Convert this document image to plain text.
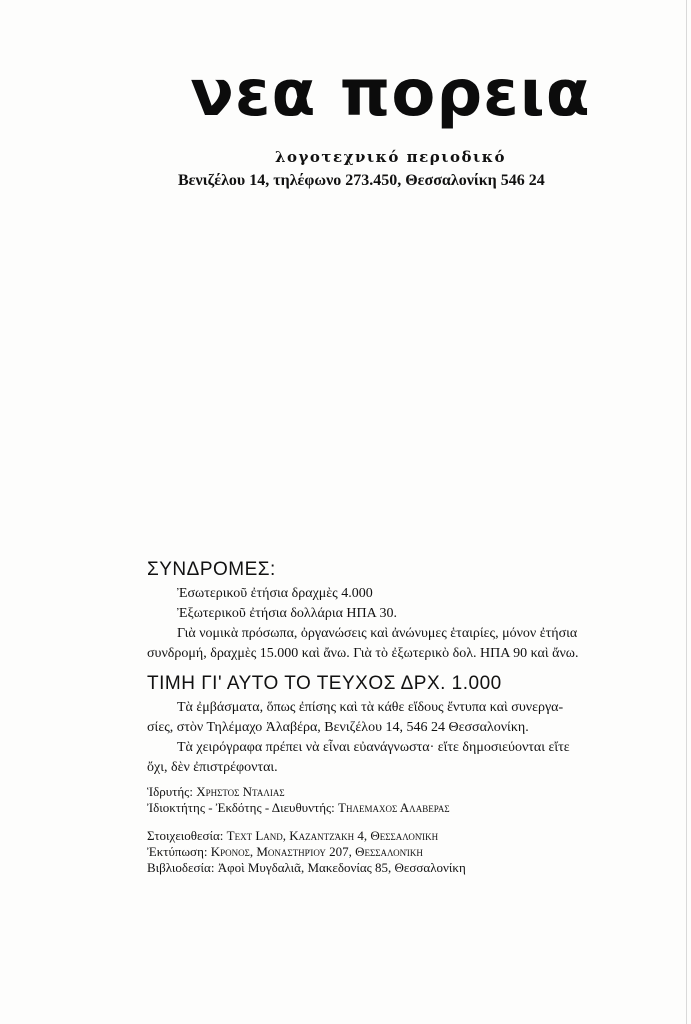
νεα πορεια
λογοτεχνικό περιοδικό
Βενιζέλου 14, τηλέφωνο 273.450, Θεσσαλονίκη 546 24
ΣΥΝΔΡΟΜΕΣ:
Ἐσωτερικοῦ ἐτήσια δραχμὲς 4.000
Ἐξωτερικοῦ ἐτήσια δολλάρια ΗΠΑ 30.
Γιὰ νομικὰ πρόσωπα, ὀργανώσεις καὶ ἀνώνυμες ἑταιρίες, μόνον ἐτήσια
συνδρομή, δραχμὲς 15.000 καὶ ἄνω. Γιὰ τὸ ἐξωτερικὸ δολ. ΗΠΑ 90 καὶ ἄνω.
ΤΙΜΗ ΓΙ' ΑΥΤΟ ΤΟ ΤΕΥΧΟΣ ΔΡΧ. 1.000
Τὰ ἐμβάσματα, ὅπως ἐπίσης καὶ τὰ κάθε εἴδους ἔντυπα καὶ συνεργα-
σίες, στὸν Τηλέμαχο Ἀλαβέρα, Βενιζέλου 14, 546 24 Θεσσαλονίκη.
Τὰ χειρόγραφα πρέπει νὰ εἶναι εὐανάγνωστα· εἴτε δημοσιεύονται εἴτε
ὄχι, δὲν ἐπιστρέφονται.
Ἱδρυτής: Χρηστος Νταλιας
Ἰδιοκτήτης - Ἐκδότης - Διευθυντής: Τηλεμαχος Αλαβερας
Στοιχειοθεσία: Text Land, Καζαντζάκη 4, Θεσσαλονίκη
Ἐκτύπωση: Κρονος, Μοναστηρίου 207, Θεσσαλονίκη
Βιβλιοδεσία: Ἀφοὶ Μυγδαλιᾶ, Μακεδονίας 85, Θεσσαλονίκη
